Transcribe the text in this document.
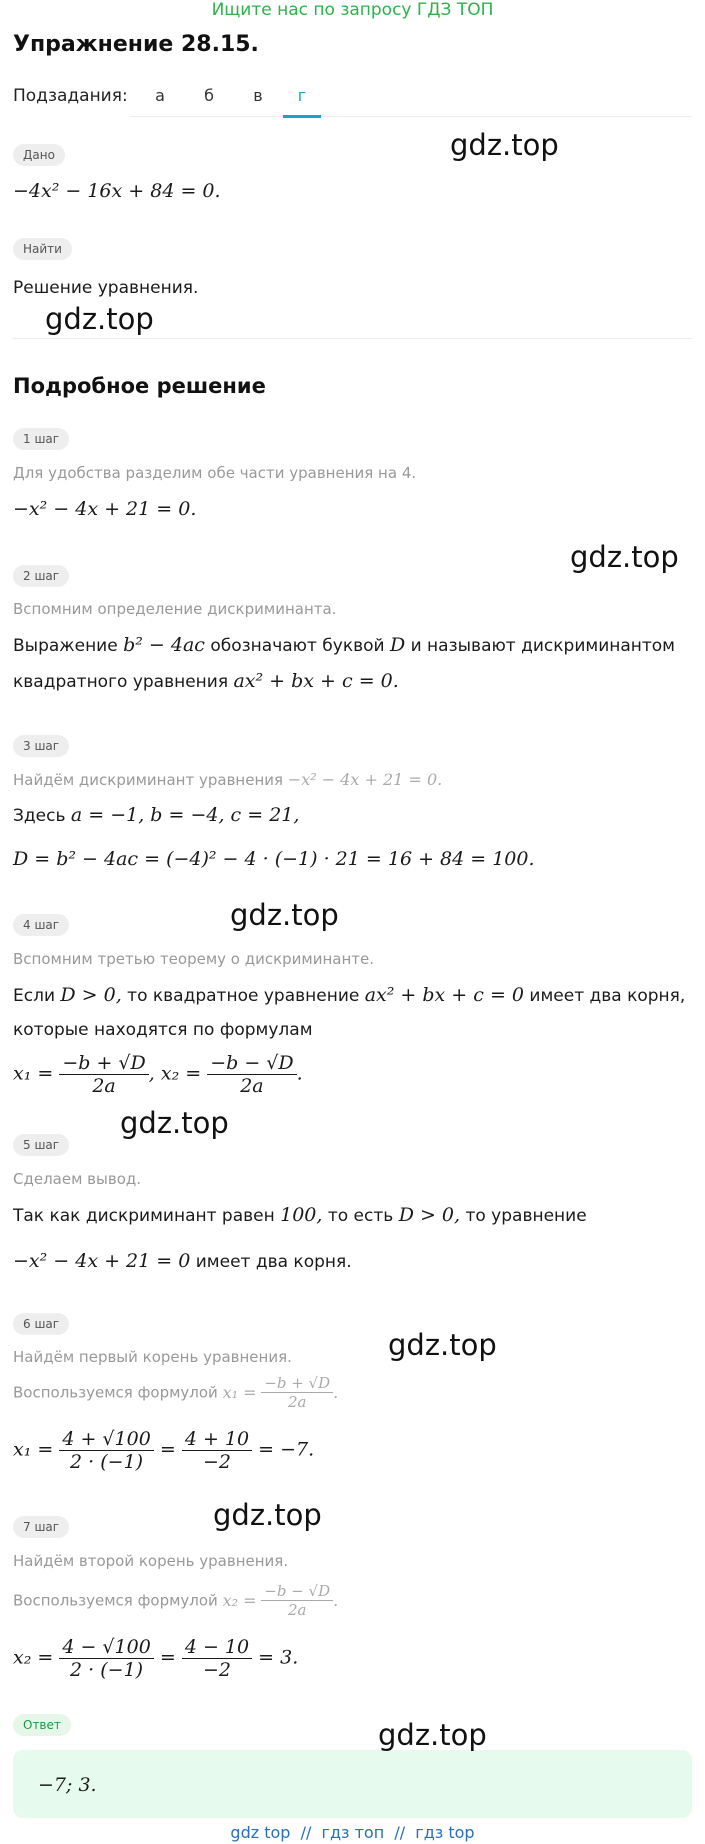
Ищите нас по запросу ГДЗ ТОП
Упражнение 28.15.
Подзадания:	а	б	в	г
Дано
−4x² − 16x + 84 = 0.
Найти
Решение уравнения.
Подробное решение
1 шаг
Для удобства разделим обе части уравнения на 4.
−x² − 4x + 21 = 0.
2 шаг
Вспомним определение дискриминанта.
Выражение b² − 4ac обозначают буквой D и называют дискриминантом
квадратного уравнения ax² + bx + c = 0.
3 шаг
Найдём дискриминант уравнения −x² − 4x + 21 = 0.
Здесь a = −1, b = −4, c = 21,
D = b² − 4ac = (−4)² − 4 · (−1) · 21 = 16 + 84 = 100.
4 шаг
Вспомним третью теорему о дискриминанте.
Если D > 0, то квадратное уравнение ax² + bx + c = 0 имеет два корня,
которые находятся по формулам
$x_1 = \frac{-b + √D}{2a}$ , $x_2 = \frac{-b - √D}{2a}$ .
5 шаг
Сделаем вывод.
Так как дискриминант равен 100, то есть D > 0, то уравнение
−x² − 4x + 21 = 0 имеет два корня.
6 шаг
Найдём первый корень уравнения.
Воспользуемся формулой $x_1 = \frac{-b + √D}{2a}$ .
$x_1 = \frac{4 + √100}{2 \cdot (-1)} = \frac{4 + 10}{-2} = -7$.
7 шаг
Найдём второй корень уравнения.
Воспользуемся формулой $x_2 = \frac{-b - √D}{2a}$ .
$x_2 = \frac{4 - √100}{2 \cdot (-1)} = \frac{4 - 10}{-2} = 3$.
Ответ
−7; 3.
gdz.top
gdz.top
gdz.top
gdz.top
gdz.top
gdz.top
gdz.top
gdz.top
gdz top  //  гдз топ  //  гдз top
